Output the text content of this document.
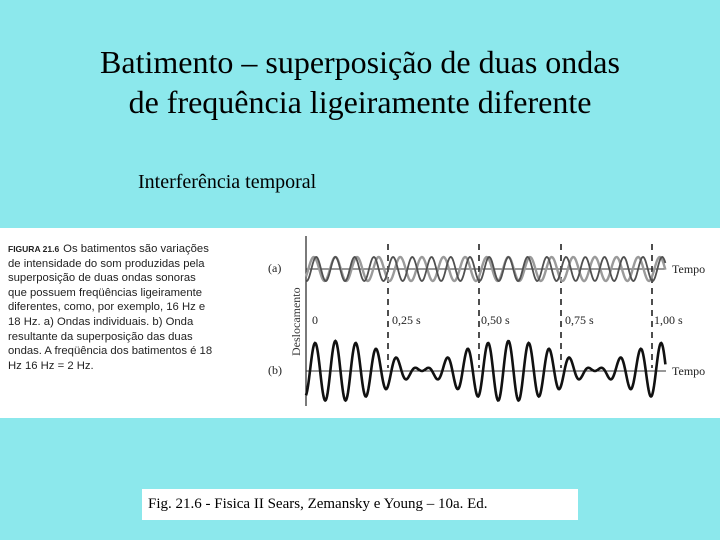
Batimento – superposição de duas ondas
de frequência ligeiramente diferente
Interferência temporal
FIGURA 21.6 Os batimentos são variações de intensidade do som produzidas pela superposição de duas ondas sonoras que possuem freqüências ligeiramente diferentes, como, por exemplo, 16 Hz e 18 Hz. a) Ondas individuais. b) Onda resultante da superposição das duas ondas. A freqüência dos batimentos é 18 Hz 16 Hz = 2 Hz.
(a)
(b)
Deslocamento 0	0,25 s	0,50 s	0,75 s	1,00 s
Tempo
Tempo
Fig. 21.6 - Fisica II Sears, Zemansky e Young – 10a. Ed.
